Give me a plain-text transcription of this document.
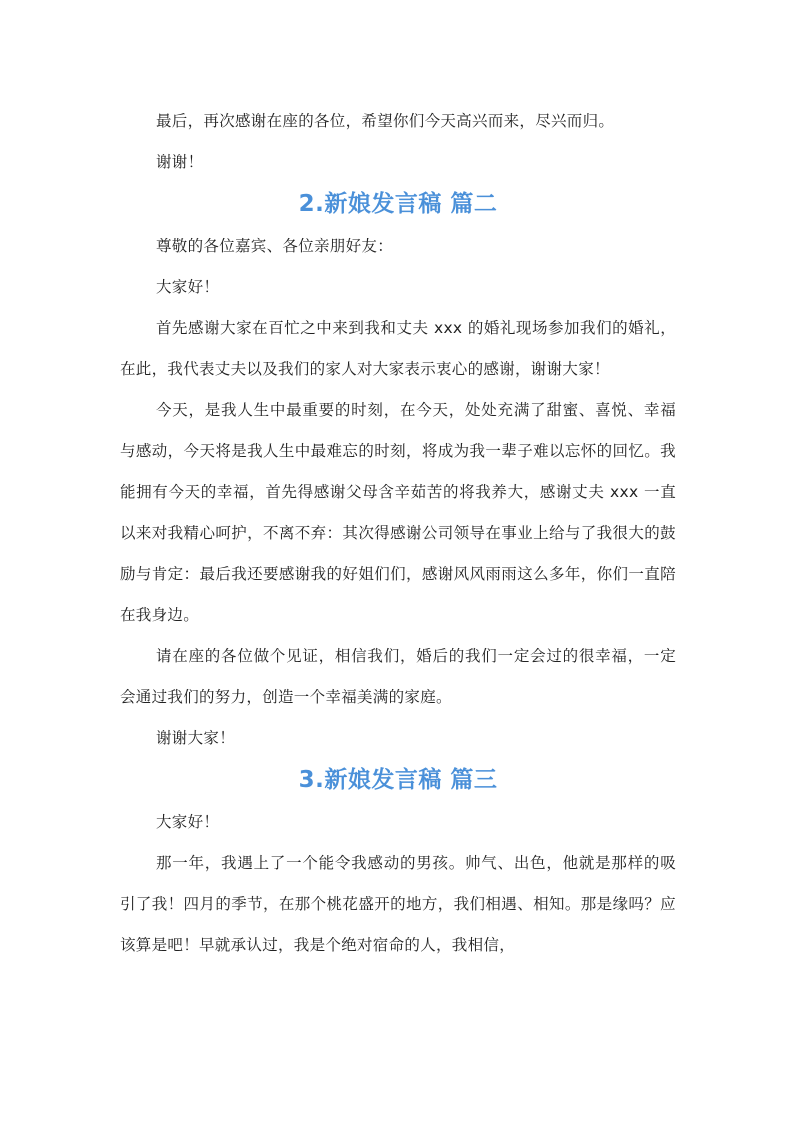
最后，再次感谢在座的各位，希望你们今天高兴而来，尽兴而归。

谢谢！

2.新娘发言稿 篇二

尊敬的各位嘉宾、各位亲朋好友：

大家好！

首先感谢大家在百忙之中来到我和丈夫 xxx 的婚礼现场参加我们的婚礼，在此，我代表丈夫以及我们的家人对大家表示衷心的感谢，谢谢大家！

今天，是我人生中最重要的时刻，在今天，处处充满了甜蜜、喜悦、幸福与感动，今天将是我人生中最难忘的时刻，将成为我一辈子难以忘怀的回忆。我能拥有今天的幸福，首先得感谢父母含辛茹苦的将我养大，感谢丈夫 xxx 一直以来对我精心呵护，不离不弃：其次得感谢公司领导在事业上给与了我很大的鼓励与肯定：最后我还要感谢我的好姐们们，感谢风风雨雨这么多年，你们一直陪在我身边。

请在座的各位做个见证，相信我们，婚后的我们一定会过的很幸福，一定会通过我们的努力，创造一个幸福美满的家庭。

谢谢大家！

3.新娘发言稿 篇三

大家好！

那一年，我遇上了一个能令我感动的男孩。帅气、出色，他就是那样的吸引了我！四月的季节，在那个桃花盛开的地方，我们相遇、相知。那是缘吗？应该算是吧！早就承认过，我是个绝对宿命的人，我相信，
